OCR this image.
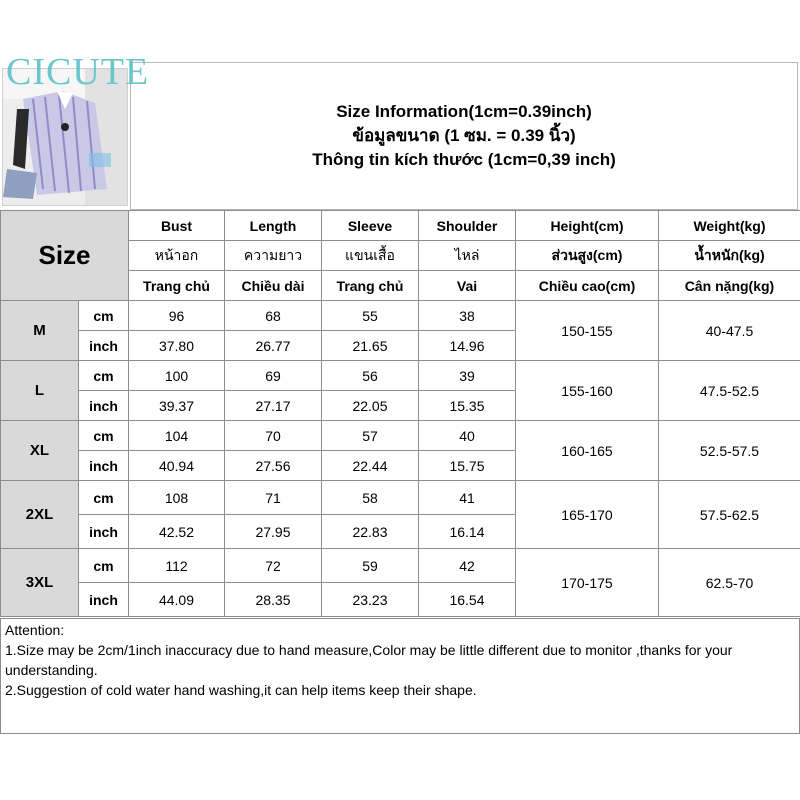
CICUTE
Size Information(1cm=0.39inch)
ข้อมูลขนาด (1 ซม. = 0.39 นิ้ว)
Thông tin kích thước (1cm=0,39 inch)
Size		Bust	Length	Sleeve	Shoulder	Height(cm)	Weight(kg)
		หน้าอก	ความยาว	แขนเสื้อ	ไหล่	ส่วนสูง(cm)	น้ำหนัก(kg)
		Trang chủ	Chiều dài	Trang chủ	Vai	Chiều cao(cm)	Cân nặng(kg)
M	cm	96	68	55	38	150-155	40-47.5
	inch	37.80	26.77	21.65	14.96		
L	cm	100	69	56	39	155-160	47.5-52.5
	inch	39.37	27.17	22.05	15.35		
XL	cm	104	70	57	40	160-165	52.5-57.5
	inch	40.94	27.56	22.44	15.75		
2XL	cm	108	71	58	41	165-170	57.5-62.5
	inch	42.52	27.95	22.83	16.14		
3XL	cm	112	72	59	42	170-175	62.5-70
	inch	44.09	28.35	23.23	16.54		

Attention:

1.Size may be 2cm/1inch inaccuracy due to hand measure,Color may be little different due to monitor ,thanks for your understanding.

2.Suggestion of cold water hand washing,it can help items keep their shape.
